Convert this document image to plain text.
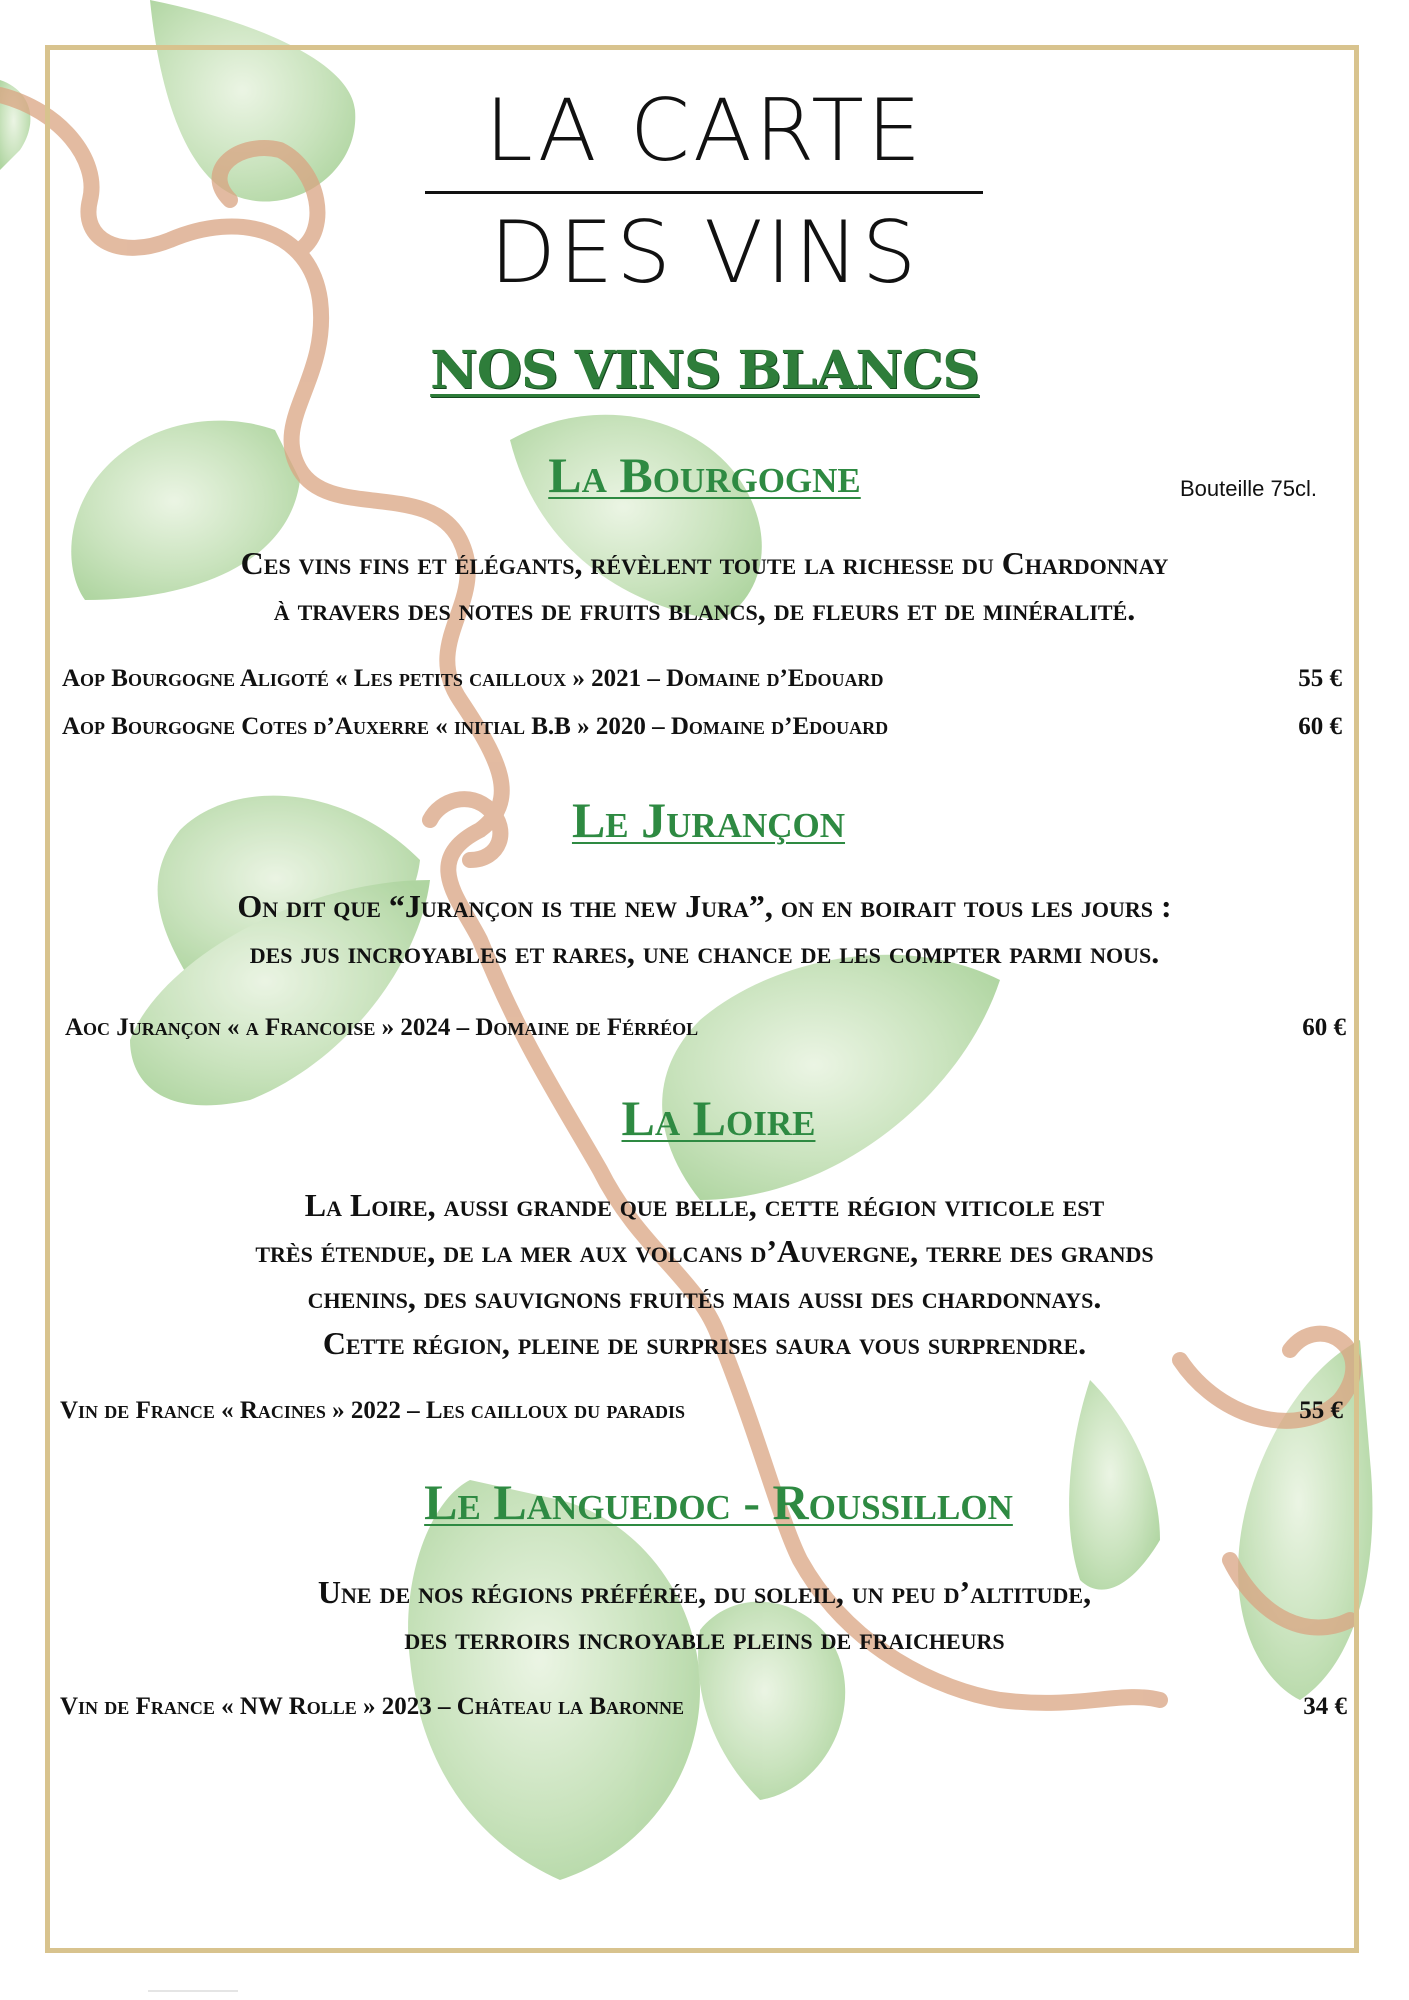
LA CARTE
DES VINS
NOS VINS BLANCS
La Bourgogne	Bouteille 75cl.
Ces vins fins et élégants, révèlent toute la richesse du Chardonnay
à travers des notes de fruits blancs, de fleurs et de minéralité.
Aop Bourgogne Aligoté « Les petits cailloux » 2021 – Domaine d’Edouard	55 €
Aop Bourgogne Cotes d’Auxerre « initial B.B » 2020 – Domaine d’Edouard	60 €
Le Jurançon
On dit que “Jurançon is the new Jura”, on en boirait tous les jours :
des jus incroyables et rares, une chance de les compter parmi nous.
Aoc Jurançon « a Francoise » 2024 – Domaine de Férréol	60 €
La Loire
La Loire, aussi grande que belle, cette région viticole est
très étendue, de la mer aux volcans d’Auvergne, terre des grands
chenins, des sauvignons fruités mais aussi des chardonnays.
Cette région, pleine de surprises saura vous surprendre.
Vin de France « Racines » 2022 – Les cailloux du paradis	55 €
Le Languedoc - Roussillon
Une de nos régions préférée, du soleil, un peu d’altitude,
des terroirs incroyable pleins de fraicheurs
Vin de France « NW Rolle » 2023 – Château la Baronne	34 €
